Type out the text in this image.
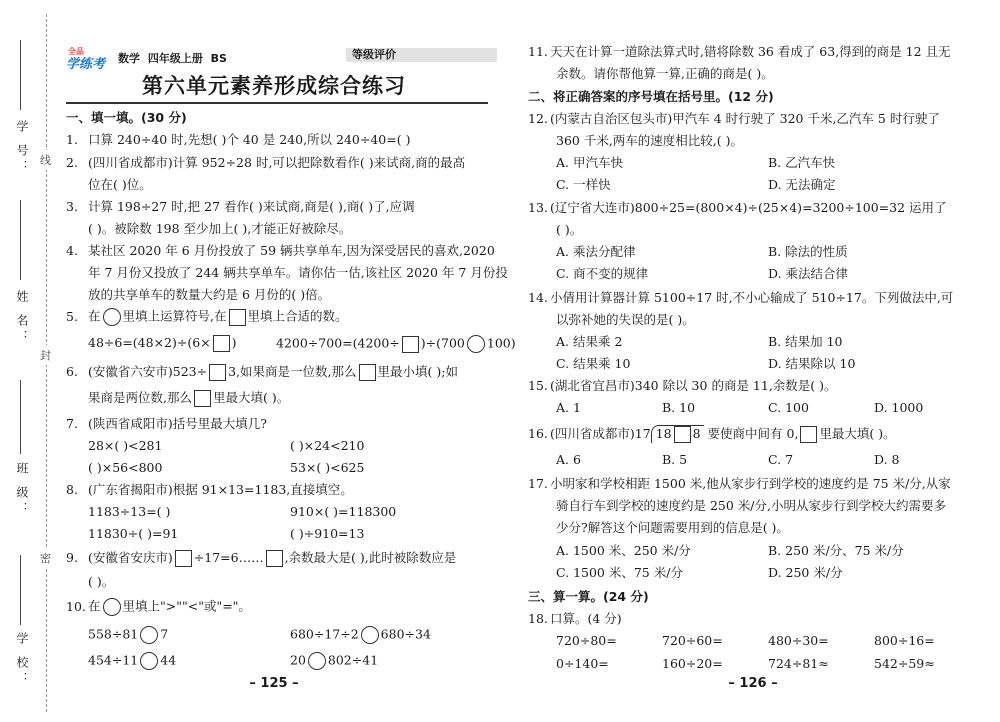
学 号：
姓 名：
班 级：
学 校：
线
封
密
全品
学练考 数学 四年级上册 BS	等级评价
第六单元素养形成综合练习
一、填一填。(30 分)
1. 口算 240÷40 时,先想( )个 40 是 240,所以 240÷40=( )
2. (四川省成都市)计算 952÷28 时,可以把除数看作( )来试商,商的最高
位在( )位。
3. 计算 198÷27 时,把 27 看作( )来试商,商是( ),商( )了,应调
( )。被除数 198 至少加上( ),才能正好被除尽。
4. 某社区 2020 年 6 月份投放了 59 辆共享单车,因为深受居民的喜欢,2020
年 7 月份又投放了 244 辆共享单车。请你估一估,该社区 2020 年 7 月份投
放的共享单车的数量大约是 6 月份的( )倍。
5. 在 里填上运算符号,在 里填上合适的数。
48÷6=(48×2)÷(6× )	4200÷700=(4200÷ )÷(700 100)
6. (安徽省六安市)523÷ 3,如果商是一位数,那么 里最小填( );如
果商是两位数,那么 里最大填( )。
7. (陕西省咸阳市)括号里最大填几?
28×( )<281	( )×24<210
( )×56<800	53×( )<625
8. (广东省揭阳市)根据 91×13=1183,直接填空。
1183÷13=( )	910×( )=118300
11830÷( )=91	( )÷910=13
9. (安徽省安庆市) ÷17=6…… ,余数最大是( ),此时被除数应是
( )。
10. 在 里填上">""<"或"="。
558÷81 7	680÷17÷2 680÷34
454÷11 44	20 802÷41
– 125 –
11. 天天在计算一道除法算式时,错将除数 36 看成了 63,得到的商是 12 且无
余数。请你帮他算一算,正确的商是( )。
二、将正确答案的序号填在括号里。(12 分)
12. (内蒙古自治区包头市)甲汽车 4 时行驶了 320 千米,乙汽车 5 时行驶了
360 千米,两车的速度相比较,( )。
A. 甲汽车快	B. 乙汽车快
C. 一样快	D. 无法确定
13. (辽宁省大连市)800÷25=(800×4)÷(25×4)=3200÷100=32 运用了
( )。
A. 乘法分配律	B. 除法的性质
C. 商不变的规律	D. 乘法结合律
14. 小倩用计算器计算 5100÷17 时,不小心输成了 510÷17。下列做法中,可
以弥补她的失误的是( )。
A. 结果乘 2	B. 结果加 10
C. 结果乘 10	D. 结果除以 10
15. (湖北省宜昌市)340 除以 30 的商是 11,余数是( )。
A. 1	B. 10	C. 100	D. 1000
16. (四川省成都市)17 18 8 要使商中间有 0, 里最大填( )。
A. 6	B. 5	C. 7	D. 8
17. 小明家和学校相距 1500 米,他从家步行到学校的速度约是 75 米/分,从家
骑自行车到学校的速度约是 250 米/分,小明从家步行到学校大约需要多
少分?解答这个问题需要用到的信息是( )。
A. 1500 米、250 米/分	B. 250 米/分、75 米/分
C. 1500 米、75 米/分	D. 250 米/分
三、算一算。(24 分)
18. 口算。(4 分)
720÷80=	720÷60=	480÷30=	800÷16=
0÷140=	160÷20=	724÷81≈	542÷59≈
– 126 –
